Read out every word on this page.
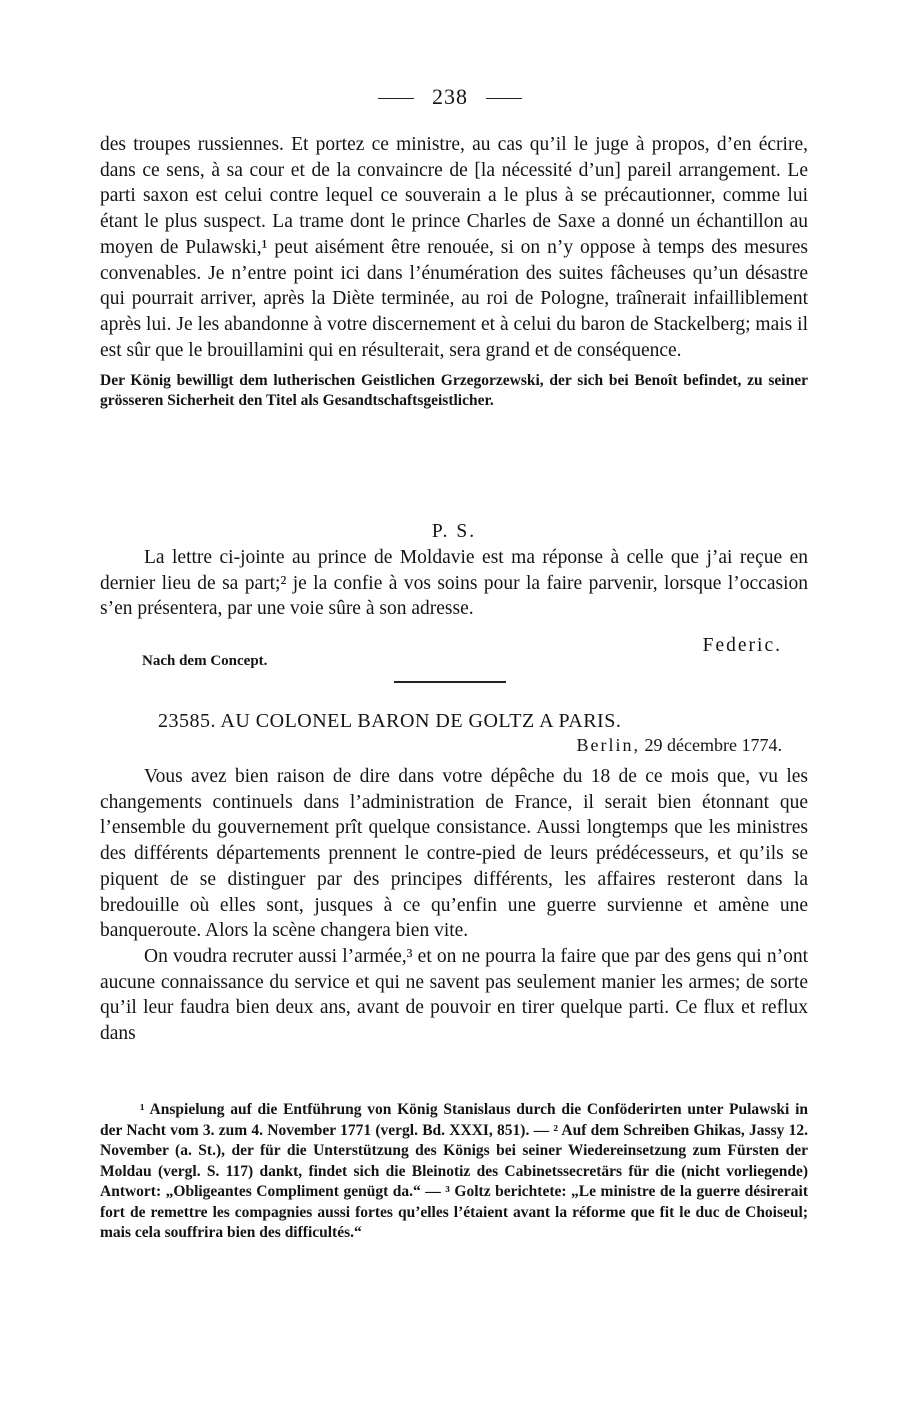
238

des troupes russiennes. Et portez ce ministre, au cas qu’il le juge à propos, d’en écrire, dans ce sens, à sa cour et de la convaincre de [la nécessité d’un] pareil arrangement. Le parti saxon est celui contre lequel ce souverain a le plus à se précautionner, comme lui étant le plus suspect. La trame dont le prince Charles de Saxe a donné un échantillon au moyen de Pulawski,¹ peut aisément être renouée, si on n’y oppose à temps des mesures convenables. Je n’entre point ici dans l’énumération des suites fâcheuses qu’un désastre qui pourrait arriver, après la Diète terminée, au roi de Pologne, traînerait infailliblement après lui. Je les abandonne à votre discernement et à celui du baron de Stackelberg; mais il est sûr que le brouillamini qui en résulterait, sera grand et de conséquence.

Der König bewilligt dem lutherischen Geistlichen Grzegorzewski, der sich bei Benoît befindet, zu seiner grösseren Sicherheit den Titel als Gesandtschaftsgeistlicher.

P. S.

La lettre ci-jointe au prince de Moldavie est ma réponse à celle que j’ai reçue en dernier lieu de sa part;² je la confie à vos soins pour la faire parvenir, lorsque l’occasion s’en présentera, par une voie sûre à son adresse.

Federic.
Nach dem Concept.
23585. AU COLONEL BARON DE GOLTZ A PARIS.
Berlin, 29 décembre 1774.

Vous avez bien raison de dire dans votre dépêche du 18 de ce mois que, vu les changements continuels dans l’administration de France, il serait bien étonnant que l’ensemble du gouvernement prît quelque consistance. Aussi longtemps que les ministres des différents départements prennent le contre-pied de leurs prédécesseurs, et qu’ils se piquent de se distinguer par des principes différents, les affaires resteront dans la bredouille où elles sont, jusques à ce qu’enfin une guerre survienne et amène une banqueroute. Alors la scène changera bien vite.

On voudra recruter aussi l’armée,³ et on ne pourra la faire que par des gens qui n’ont aucune connaissance du service et qui ne savent pas seulement manier les armes; de sorte qu’il leur faudra bien deux ans, avant de pouvoir en tirer quelque parti. Ce flux et reflux dans

¹ Anspielung auf die Entführung von König Stanislaus durch die Conföderirten unter Pulawski in der Nacht vom 3. zum 4. November 1771 (vergl. Bd. XXXI, 851). — ² Auf dem Schreiben Ghikas, Jassy 12. November (a. St.), der für die Unterstützung des Königs bei seiner Wiedereinsetzung zum Fürsten der Moldau (vergl. S. 117) dankt, findet sich die Bleinotiz des Cabinetssecretärs für die (nicht vorliegende) Antwort: „Obligeantes Compliment genügt da.“ — ³ Goltz berichtete: „Le ministre de la guerre désirerait fort de remettre les compagnies aussi fortes qu’elles l’étaient avant la réforme que fit le duc de Choiseul; mais cela souffrira bien des difficultés.“
